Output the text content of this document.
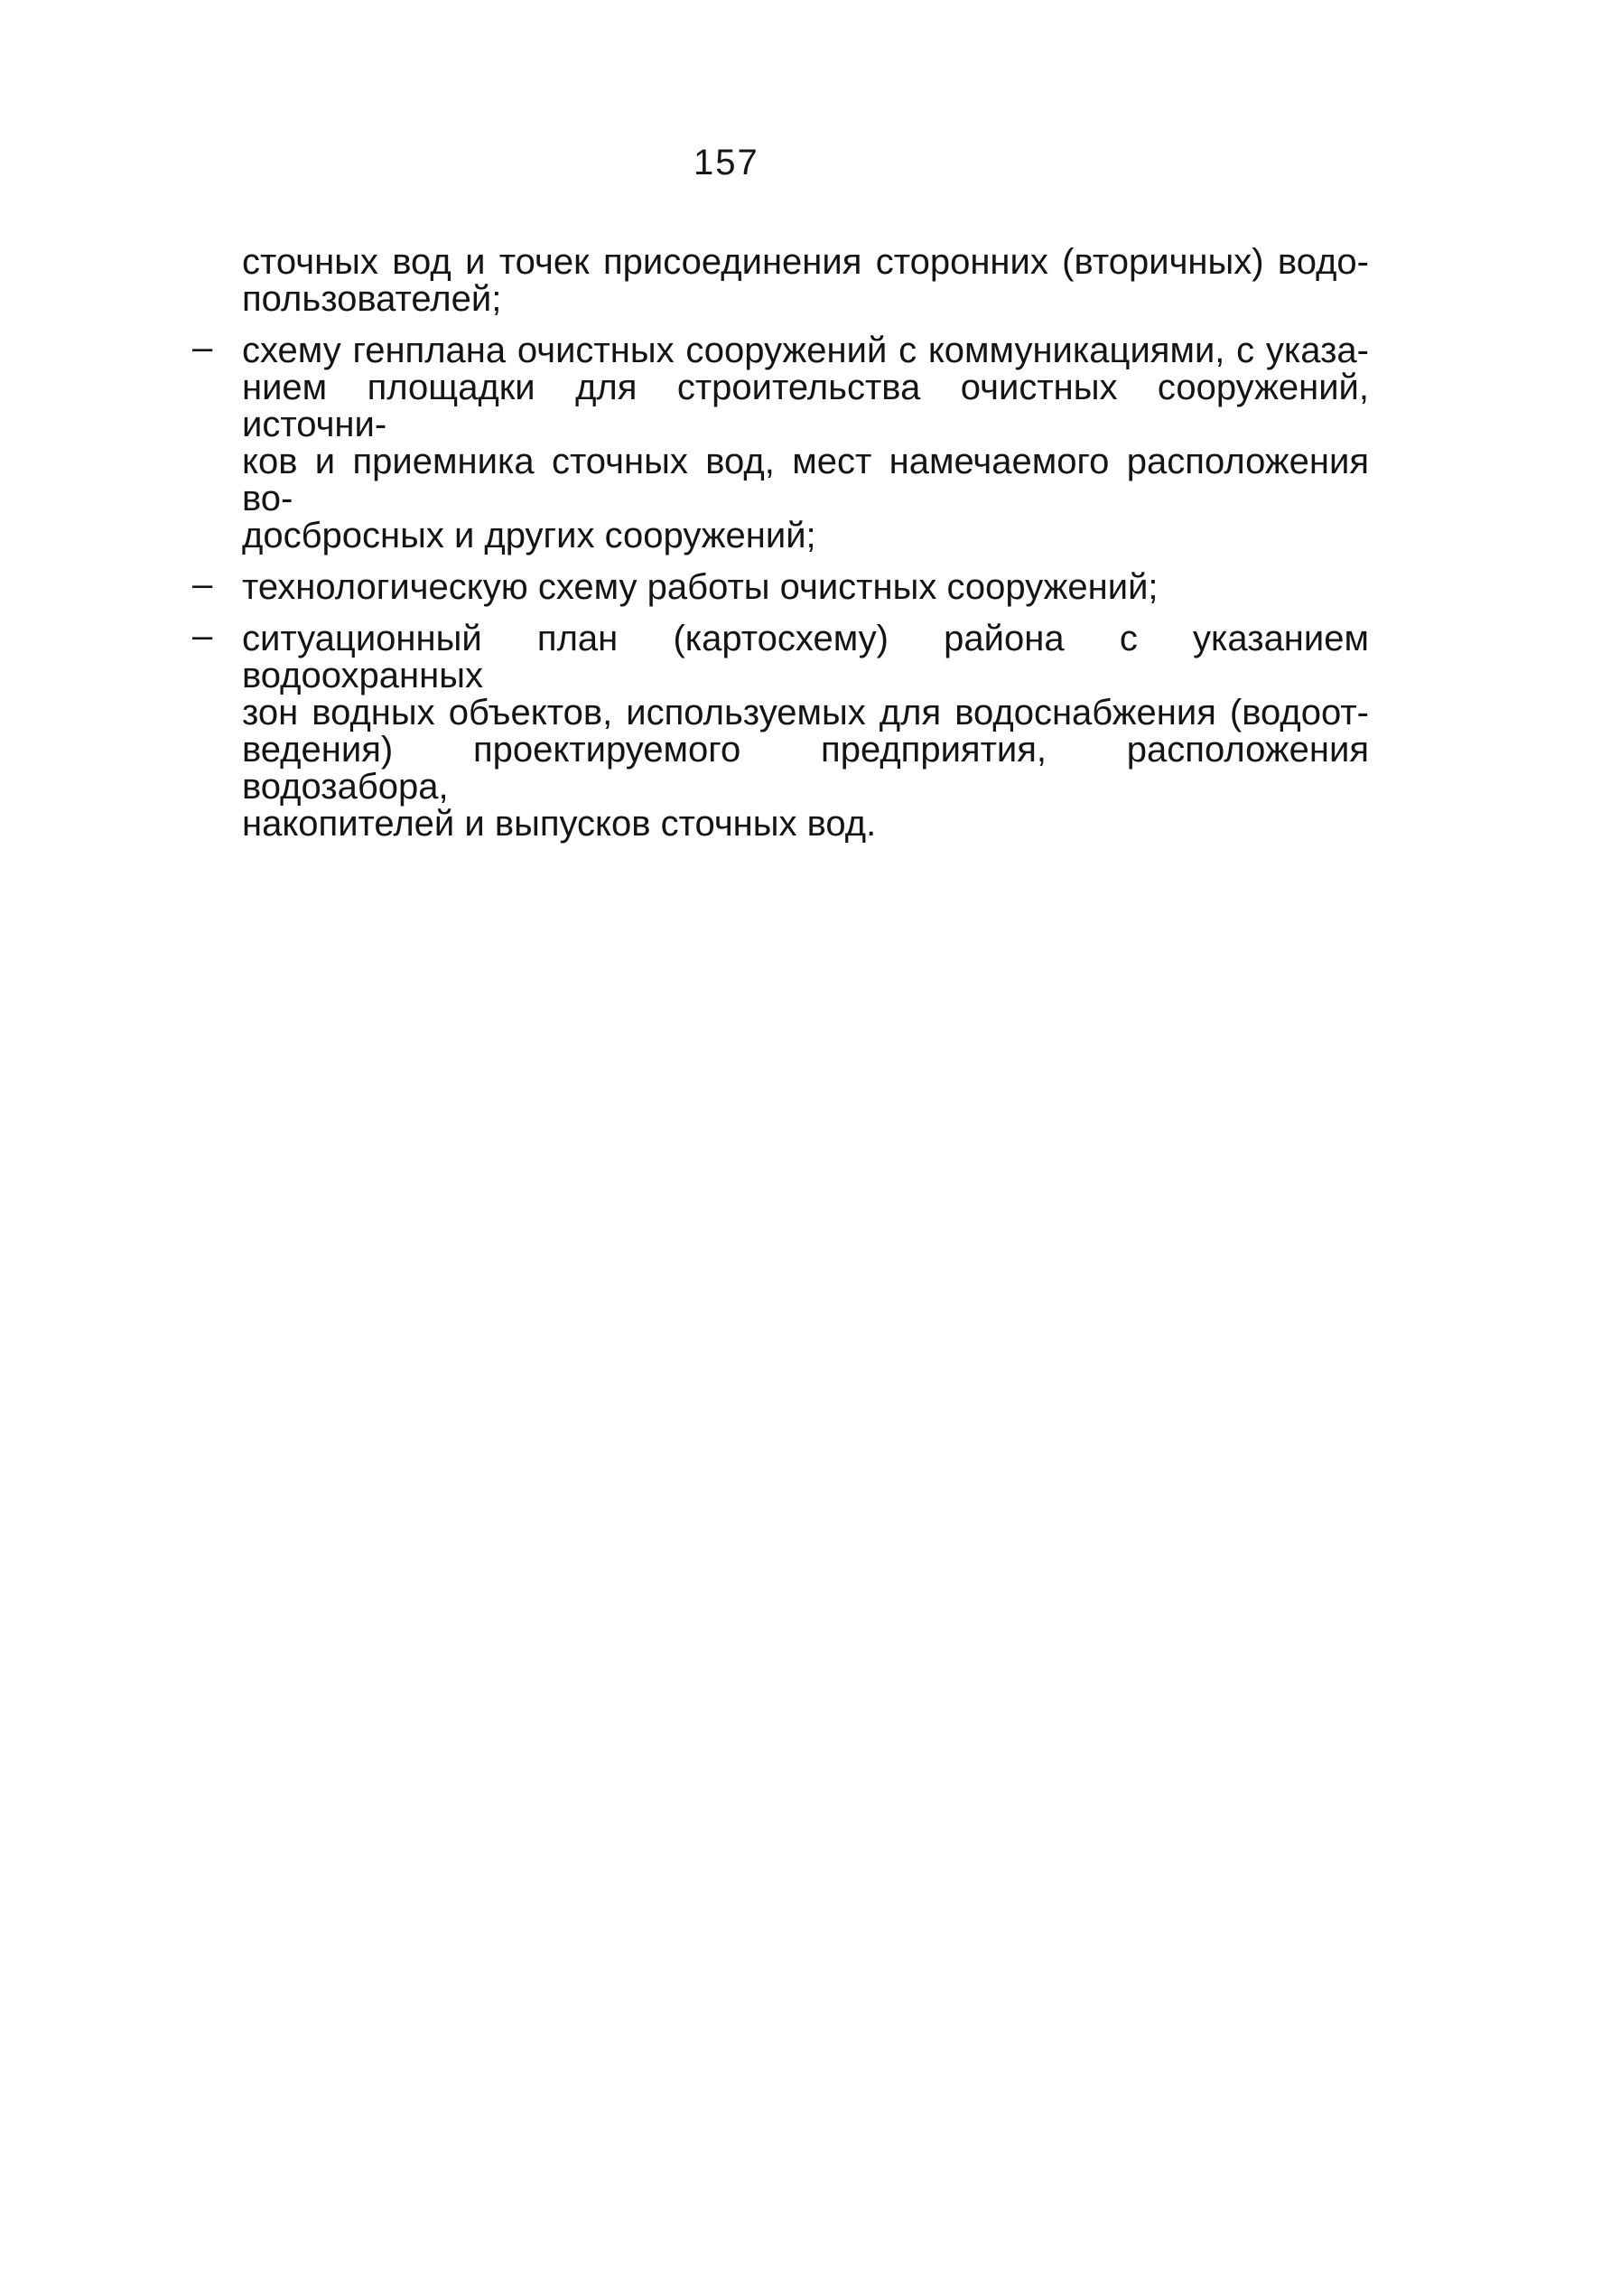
157
сточных вод и точек присоединения сторонних (вторичных) водо-
пользователей;
– схему генплана очистных сооружений с коммуникациями, с указа-
нием площадки для строительства очистных сооружений, источни-
ков и приемника сточных вод, мест намечаемого расположения во-
досбросных и других сооружений;
– технологическую схему работы очистных сооружений;
– ситуационный план (картосхему) района с указанием водоохранных
зон водных объектов, используемых для водоснабжения (водоот-
ведения) проектируемого предприятия, расположения водозабора,
накопителей и выпусков сточных вод.
